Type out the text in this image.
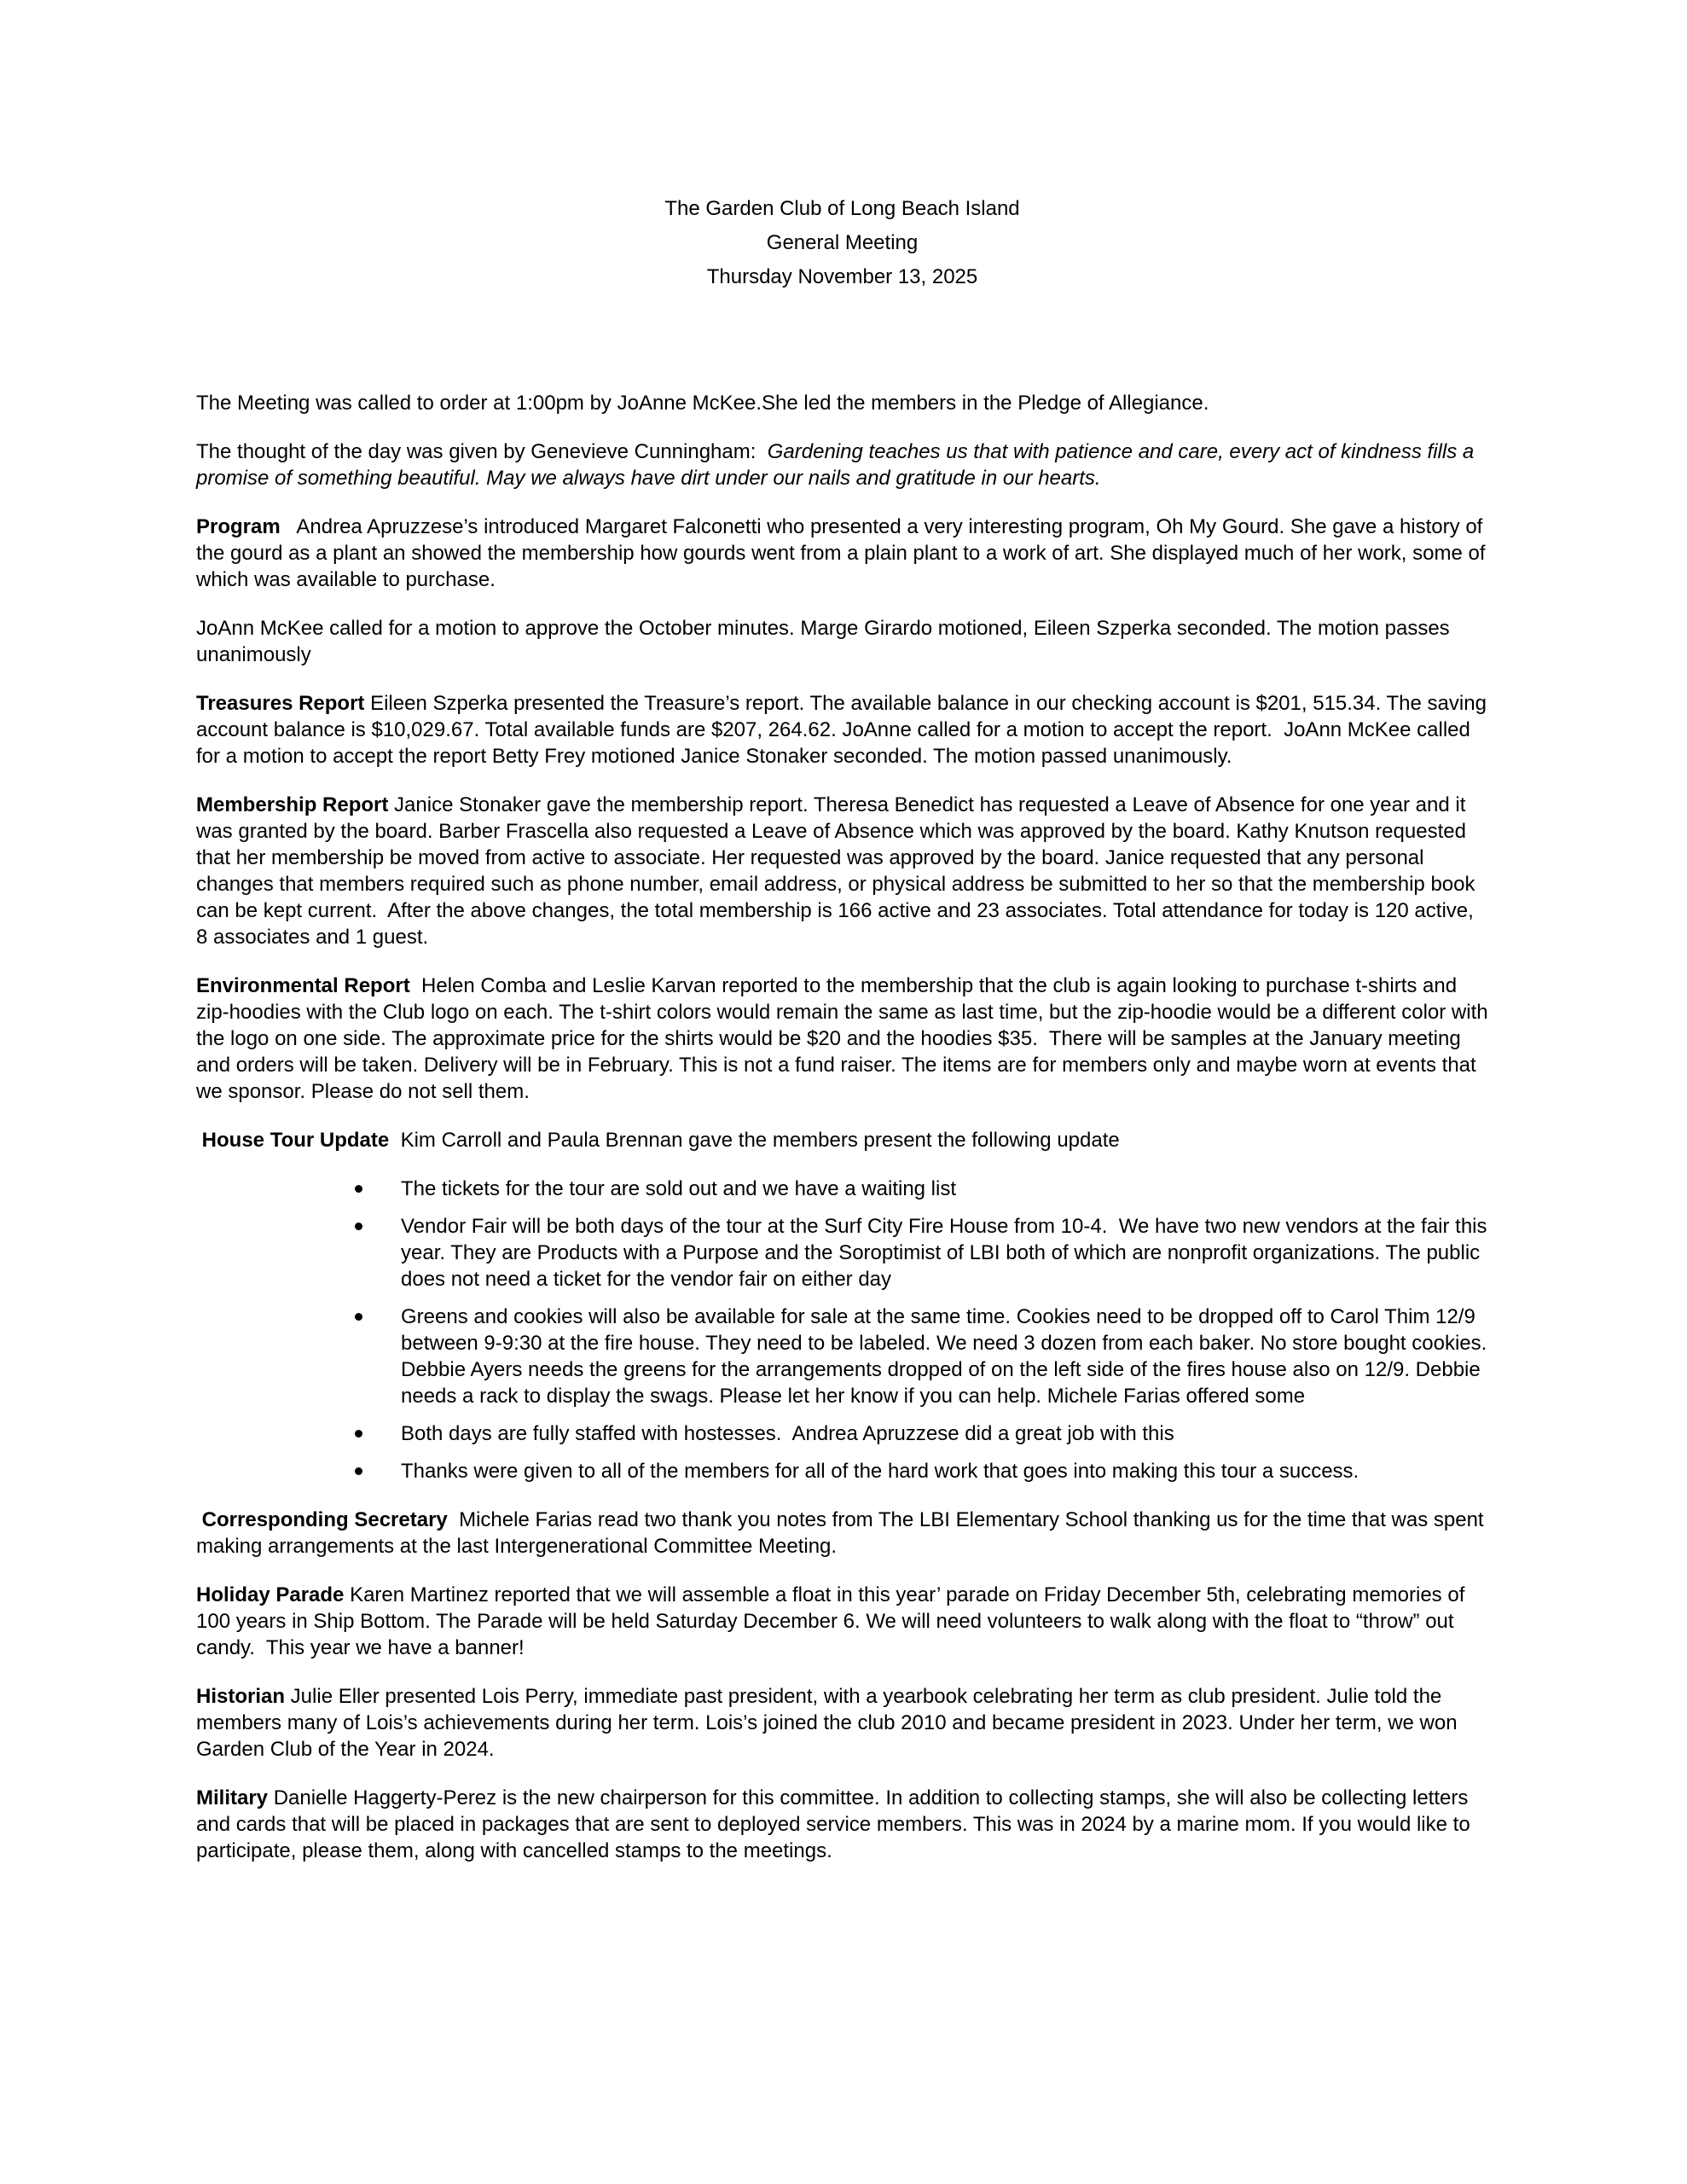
The Garden Club of Long Beach Island
General Meeting
Thursday November 13, 2025

The Meeting was called to order at 1:00pm by JoAnne McKee.She led the members in the Pledge of Allegiance.

The thought of the day was given by Genevieve Cunningham:  Gardening teaches us that with patience and care, every act of kindness fills a promise of something beautiful. May we always have dirt under our nails and gratitude in our hearts.

Program   Andrea Apruzzese’s introduced Margaret Falconetti who presented a very interesting program, Oh My Gourd. She gave a history of the gourd as a plant an showed the membership how gourds went from a plain plant to a work of art. She displayed much of her work, some of which was available to purchase.

JoAnn McKee called for a motion to approve the October minutes. Marge Girardo motioned, Eileen Szperka seconded. The motion passes unanimously

Treasures Report Eileen Szperka presented the Treasure’s report. The available balance in our checking account is $201, 515.34. The saving account balance is $10,029.67. Total available funds are $207, 264.62. JoAnne called for a motion to accept the report.  JoAnn McKee called for a motion to accept the report Betty Frey motioned Janice Stonaker seconded. The motion passed unanimously.

Membership Report Janice Stonaker gave the membership report. Theresa Benedict has requested a Leave of Absence for one year and it was granted by the board. Barber Frascella also requested a Leave of Absence which was approved by the board. Kathy Knutson requested that her membership be moved from active to associate. Her requested was approved by the board. Janice requested that any personal changes that members required such as phone number, email address, or physical address be submitted to her so that the membership book can be kept current.  After the above changes, the total membership is 166 active and 23 associates. Total attendance for today is 120 active, 8 associates and 1 guest.

Environmental Report  Helen Comba and Leslie Karvan reported to the membership that the club is again looking to purchase t-shirts and zip-hoodies with the Club logo on each. The t-shirt colors would remain the same as last time, but the zip-hoodie would be a different color with the logo on one side. The approximate price for the shirts would be $20 and the hoodies $35.  There will be samples at the January meeting and orders will be taken. Delivery will be in February. This is not a fund raiser. The items are for members only and maybe worn at events that we sponsor. Please do not sell them.

House Tour Update  Kim Carroll and Paula Brennan gave the members present the following update

The tickets for the tour are sold out and we have a waiting list
Vendor Fair will be both days of the tour at the Surf City Fire House from 10-4.  We have two new vendors at the fair this year. They are Products with a Purpose and the Soroptimist of LBI both of which are nonprofit organizations. The public does not need a ticket for the vendor fair on either day
Greens and cookies will also be available for sale at the same time. Cookies need to be dropped off to Carol Thim 12/9 between 9-9:30 at the fire house. They need to be labeled. We need 3 dozen from each baker. No store bought cookies. Debbie Ayers needs the greens for the arrangements dropped of on the left side of the fires house also on 12/9. Debbie needs a rack to display the swags. Please let her know if you can help. Michele Farias offered some
Both days are fully staffed with hostesses.  Andrea Apruzzese did a great job with this
Thanks were given to all of the members for all of the hard work that goes into making this tour a success.

Corresponding Secretary  Michele Farias read two thank you notes from The LBI Elementary School thanking us for the time that was spent making arrangements at the last Intergenerational Committee Meeting.

Holiday Parade Karen Martinez reported that we will assemble a float in this year’ parade on Friday December 5th, celebrating memories of 100 years in Ship Bottom. The Parade will be held Saturday December 6. We will need volunteers to walk along with the float to “throw” out candy.  This year we have a banner!

Historian Julie Eller presented Lois Perry, immediate past president, with a yearbook celebrating her term as club president. Julie told the members many of Lois’s achievements during her term. Lois’s joined the club 2010 and became president in 2023. Under her term, we won Garden Club of the Year in 2024.

Military Danielle Haggerty-Perez is the new chairperson for this committee. In addition to collecting stamps, she will also be collecting letters and cards that will be placed in packages that are sent to deployed service members. This was in 2024 by a marine mom. If you would like to participate, please them, along with cancelled stamps to the meetings.
